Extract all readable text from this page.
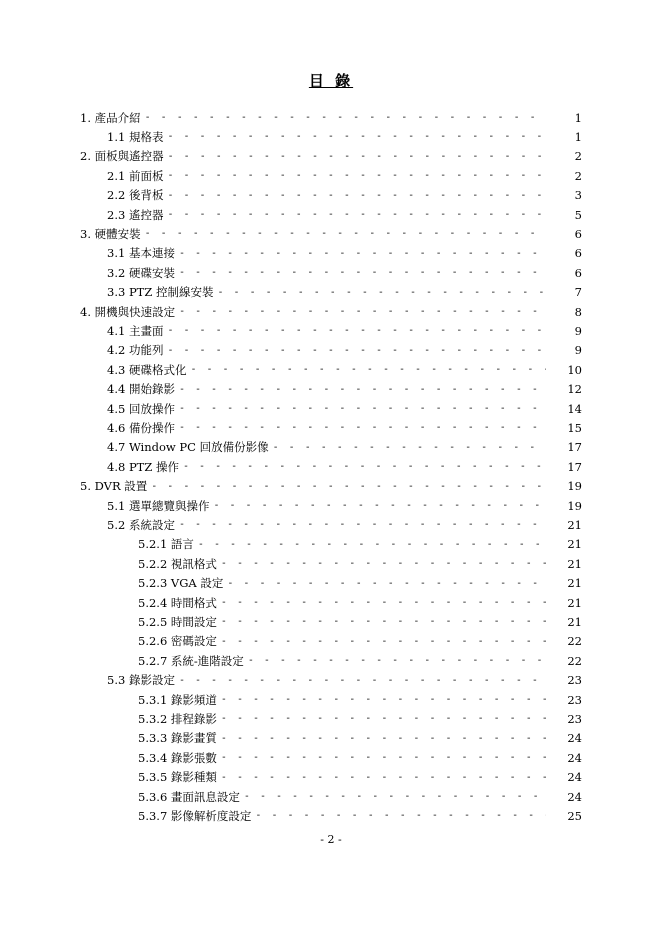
目 錄
1. 產品介紹 - - -	1
1.1 規格表 - - -	1
2. 面板與遙控器 - - -	2
2.1 前面板 - - -	2
2.2 後背板 - - -	3
2.3 遙控器 - - -	5
3. 硬體安裝 - - -	6
3.1 基本連接 - - -	6
3.2 硬碟安裝 - - -	6
3.3 PTZ 控制線安裝 - - -	7
4. 開機與快速設定 - - -	8
4.1 主畫面 - - -	9
4.2 功能列 - - -	9
4.3 硬碟格式化 - - -	10
4.4 開始錄影 - - -	12
4.5 回放操作 - - -	14
4.6 備份操作 - - -	15
4.7 Window PC 回放備份影像 - - -	17
4.8 PTZ 操作 - - -	17
5. DVR 設置 - - -	19
5.1 選單總覽與操作 - - -	19
5.2 系統設定 - - -	21
5.2.1 語言 - - -	21
5.2.2 視訊格式 - - -	21
5.2.3 VGA 設定 - - -	21
5.2.4 時間格式 - - -	21
5.2.5 時間設定 - - -	21
5.2.6 密碼設定 - - -	22
5.2.7 系統-進階設定 - - -	22
5.3 錄影設定 - - -	23
5.3.1 錄影頻道 - - -	23
5.3.2 排程錄影 - - -	23
5.3.3 錄影畫質 - - -	24
5.3.4 錄影張數 - - -	24
5.3.5 錄影種類 - - -	24
5.3.6 畫面訊息設定 - - -	24
5.3.7 影像解析度設定 - - -	25
- 2 -
